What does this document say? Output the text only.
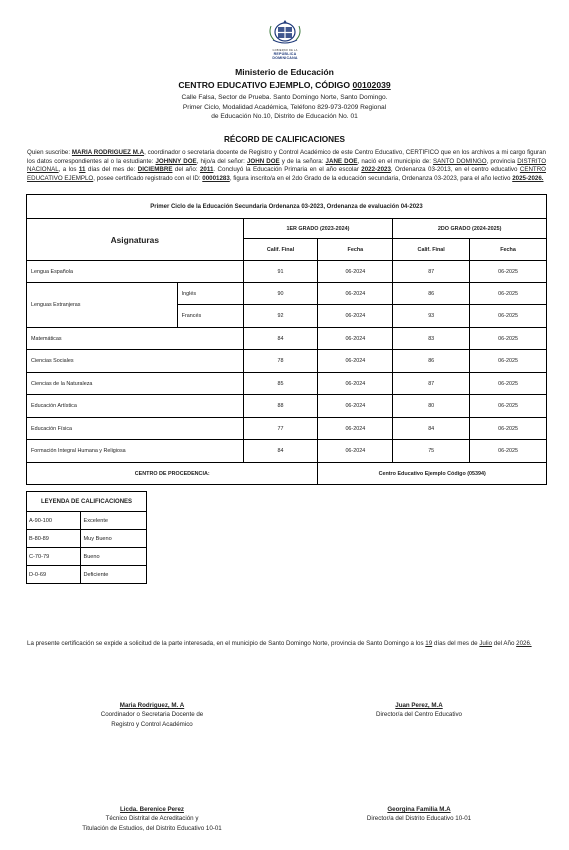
GOBIERNO DE LA
REPÚBLICA DOMINICANA
Ministerio de Educación
CENTRO EDUCATIVO EJEMPLO, CÓDIGO 00102039
Calle Falsa, Sector de Prueba. Santo Domingo Norte, Santo Domingo.
Primer Ciclo, Modalidad Académica, Teléfono 829-973-0209 Regional
de Educación No.10, Distrito de Educación No. 01
RÉCORD DE CALIFICACIONES
Quien suscribe: MARIA RODRIGUEZ M.A, coordinador o secretaria docente de Registro y Control Académico de este Centro Educativo, CERTIFICO que en los archivos a mi cargo figuran los datos correspondientes al o la estudiante: JOHNNY DOE, hijo/a del señor: JOHN DOE y de la señora: JANE DOE, nació en el municipio de: SANTO DOMINGO, provincia DISTRITO NACIONAL, a los 11 días del mes de: DICIEMBRE del año: 2011. Concluyó la Educación Primaria en el año escolar 2022-2023, Ordenanza 03-2013, en el centro educativo CENTRO EDUCATIVO EJEMPLO, posee certificado registrado con el ID: 00001283, figura inscrito/a en el 2do Grado de la educación secundaria, Ordenanza 03-2023, para el año lectivo 2025-2026.
Primer Ciclo de la Educación Secundaria Ordenanza 03-2023, Ordenanza de evaluación 04-2023					
Asignaturas		1ER GRADO (2023-2024)		2DO GRADO (2024-2025)	
		Calif. Final	Fecha	Calif. Final	Fecha
Lengua Española		91	06-2024	87	06-2025
Lenguas Extranjeras	Inglés	90	06-2024	86	06-2025
	Francés	92	06-2024	93	06-2025
Matemáticas		84	06-2024	83	06-2025
Ciencias Sociales		78	06-2024	86	06-2025
Ciencias de la Naturaleza		85	06-2024	87	06-2025
Educación Artística		88	06-2024	80	06-2025
Educación Física		77	06-2024	84	06-2025
Formación Integral Humana y Religiosa		84	06-2024	75	06-2025
CENTRO DE PROCEDENCIA:			Centro Educativo Ejemplo Código (05394)		
LEYENDA DE CALIFICACIONES	
A-90-100	Excelente
B-80-89	Muy Bueno
C-70-79	Bueno
D-0-69	Deficiente
La presente certificación se expide a solicitud de la parte interesada, en el municipio de Santo Domingo Norte, provincia de Santo Domingo a los 19 días del mes de Julio del Año 2026.
Maria Rodriguez, M. A
Coordinador o Secretaria Docente de
Registro y Control Académico
Juan Perez, M.A
Director/a del Centro Educativo
Licda. Berenice Perez
Técnico Distrital de Acreditación y
Titulación de Estudios, del Distrito Educativo 10-01
Georgina Familia M.A
Director/a del Distrito Educativo 10-01
